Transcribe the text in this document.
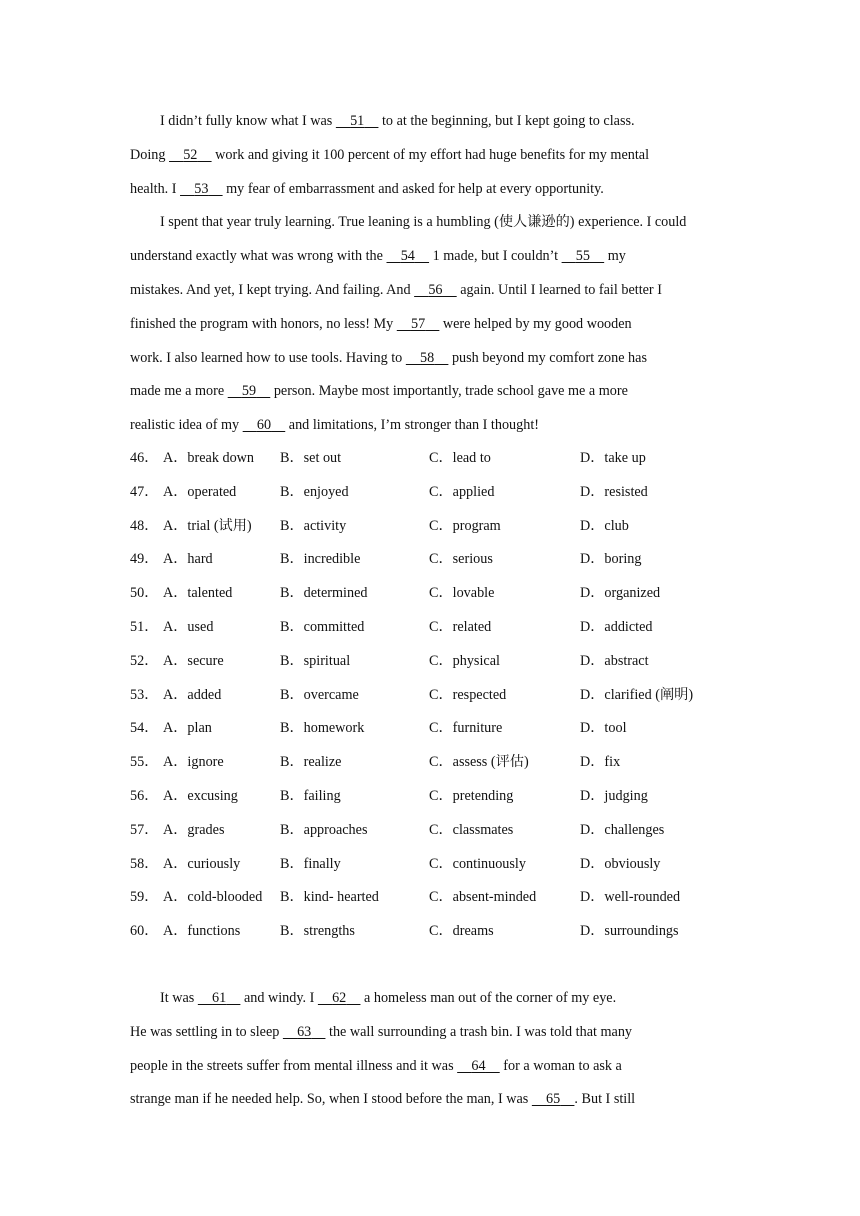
I didn’t fully know what I was     51     to at the beginning, but I kept going to class.
Doing     52     work and giving it 100 percent of my effort had huge benefits for my mental
health. I     53     my fear of embarrassment and asked for help at every opportunity.
I spent that year truly learning. True leaning is a humbling (使人谦逊的) experience. I could
understand exactly what was wrong with the     54     1 made, but I couldn’t     55     my
mistakes. And yet, I kept trying. And failing. And     56     again. Until I learned to fail better I
finished the program with honors, no less! My     57     were helped by my good wooden
work. I also learned how to use tools. Having to     58     push beyond my comfort zone has
made me a more     59     person. Maybe most importantly, trade school gave me a more
realistic idea of my     60     and limitations, I’m stronger than I thought!
46． A．break down B．set out	C．lead to	D．take up
47． A．operated	B．enjoyed	C．applied	D．resisted
48． A．trial (试用) B．activity	C．program	D．club
49． A．hard	B．incredible	C．serious	D．boring
50． A．talented	B．determined	C．lovable	D．organized
51． A．used	B．committed	C．related	D．addicted
52． A．secure	B．spiritual	C．physical	D．abstract
53． A．added	B．overcame	C．respected	D．clarified (阐明)
54． A．plan	B．homework	C．furniture	D．tool
55． A．ignore	B．realize	C．assess (评估)	D．fix
56． A．excusing	B．failing	C．pretending	D．judging
57． A．grades	B．approaches	C．classmates	D．challenges
58． A．curiously	B．finally	C．continuously	D．obviously
59． A．cold-blooded B．kind- hearted	C．absent-minded	D．well-rounded
60． A．functions	B．strengths	C．dreams	D．surroundings
It was     61     and windy. I     62     a homeless man out of the corner of my eye.
He was settling in to sleep     63     the wall surrounding a trash bin. I was told that many
people in the streets suffer from mental illness and it was     64     for a woman to ask a
strange man if he needed help. So, when I stood before the man, I was     65 . But I still
